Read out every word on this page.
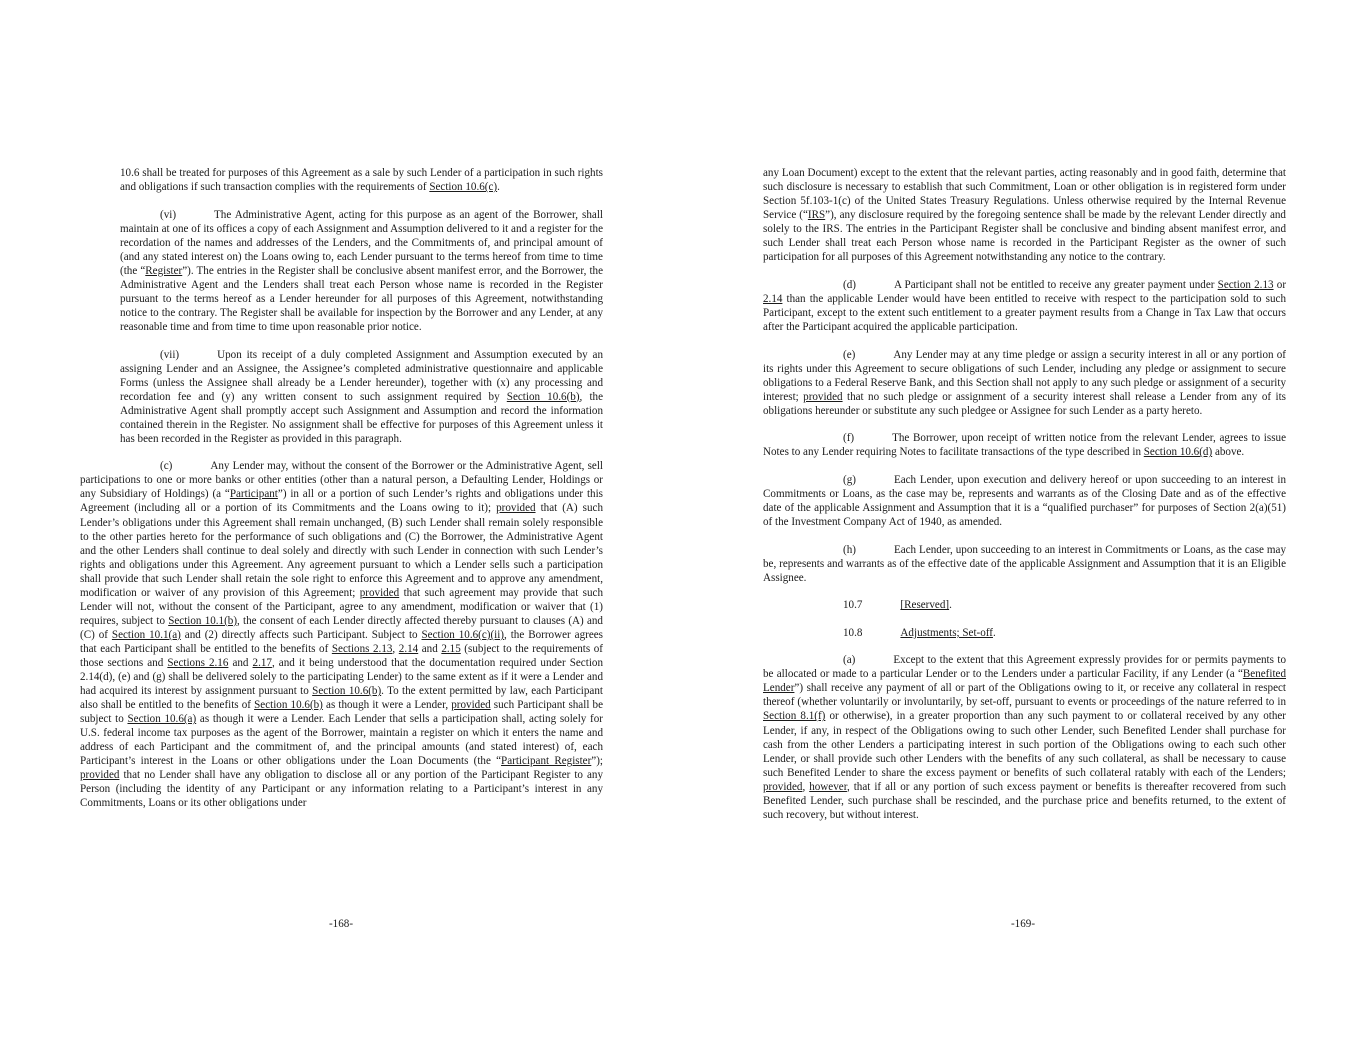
10.6 shall be treated for purposes of this Agreement as a sale by such Lender of a participation in such rights and obligations if such transaction complies with the requirements of Section 10.6(c).

(vi)	The Administrative Agent, acting for this purpose as an agent of the Borrower, shall maintain at one of its offices a copy of each Assignment and Assumption delivered to it and a register for the recordation of the names and addresses of the Lenders, and the Commitments of, and principal amount of (and any stated interest on) the Loans owing to, each Lender pursuant to the terms hereof from time to time (the “Register”). The entries in the Register shall be conclusive absent manifest error, and the Borrower, the Administrative Agent and the Lenders shall treat each Person whose name is recorded in the Register pursuant to the terms hereof as a Lender hereunder for all purposes of this Agreement, notwithstanding notice to the contrary. The Register shall be available for inspection by the Borrower and any Lender, at any reasonable time and from time to time upon reasonable prior notice.

(vii)	Upon its receipt of a duly completed Assignment and Assumption executed by an assigning Lender and an Assignee, the Assignee’s completed administrative questionnaire and applicable Forms (unless the Assignee shall already be a Lender hereunder), together with (x) any processing and recordation fee and (y) any written consent to such assignment required by Section 10.6(b), the Administrative Agent shall promptly accept such Assignment and Assumption and record the information contained therein in the Register. No assignment shall be effective for purposes of this Agreement unless it has been recorded in the Register as provided in this paragraph.

(c)	Any Lender may, without the consent of the Borrower or the Administrative Agent, sell participations to one or more banks or other entities (other than a natural person, a Defaulting Lender, Holdings or any Subsidiary of Holdings) (a “Participant”) in all or a portion of such Lender’s rights and obligations under this Agreement (including all or a portion of its Commitments and the Loans owing to it); provided that (A) such Lender’s obligations under this Agreement shall remain unchanged, (B) such Lender shall remain solely responsible to the other parties hereto for the performance of such obligations and (C) the Borrower, the Administrative Agent and the other Lenders shall continue to deal solely and directly with such Lender in connection with such Lender’s rights and obligations under this Agreement. Any agreement pursuant to which a Lender sells such a participation shall provide that such Lender shall retain the sole right to enforce this Agreement and to approve any amendment, modification or waiver of any provision of this Agreement; provided that such agreement may provide that such Lender will not, without the consent of the Participant, agree to any amendment, modification or waiver that (1) requires, subject to Section 10.1(b), the consent of each Lender directly affected thereby pursuant to clauses (A) and (C) of Section 10.1(a) and (2) directly affects such Participant. Subject to Section 10.6(c)(ii), the Borrower agrees that each Participant shall be entitled to the benefits of Sections 2.13, 2.14 and 2.15 (subject to the requirements of those sections and Sections 2.16 and 2.17, and it being understood that the documentation required under Section 2.14(d), (e) and (g) shall be delivered solely to the participating Lender) to the same extent as if it were a Lender and had acquired its interest by assignment pursuant to Section 10.6(b). To the extent permitted by law, each Participant also shall be entitled to the benefits of Section 10.6(b) as though it were a Lender, provided such Participant shall be subject to Section 10.6(a) as though it were a Lender. Each Lender that sells a participation shall, acting solely for U.S. federal income tax purposes as the agent of the Borrower, maintain a register on which it enters the name and address of each Participant and the commitment of, and the principal amounts (and stated interest) of, each Participant’s interest in the Loans or other obligations under the Loan Documents (the “Participant Register”); provided that no Lender shall have any obligation to disclose all or any portion of the Participant Register to any Person (including the identity of any Participant or any information relating to a Participant’s interest in any Commitments, Loans or its other obligations under

-168-

any Loan Document) except to the extent that the relevant parties, acting reasonably and in good faith, determine that such disclosure is necessary to establish that such Commitment, Loan or other obligation is in registered form under Section 5f.103-1(c) of the United States Treasury Regulations. Unless otherwise required by the Internal Revenue Service (“IRS”), any disclosure required by the foregoing sentence shall be made by the relevant Lender directly and solely to the IRS. The entries in the Participant Register shall be conclusive and binding absent manifest error, and such Lender shall treat each Person whose name is recorded in the Participant Register as the owner of such participation for all purposes of this Agreement notwithstanding any notice to the contrary.

(d)	A Participant shall not be entitled to receive any greater payment under Section 2.13 or 2.14 than the applicable Lender would have been entitled to receive with respect to the participation sold to such Participant, except to the extent such entitlement to a greater payment results from a Change in Tax Law that occurs after the Participant acquired the applicable participation.

(e)	Any Lender may at any time pledge or assign a security interest in all or any portion of its rights under this Agreement to secure obligations of such Lender, including any pledge or assignment to secure obligations to a Federal Reserve Bank, and this Section shall not apply to any such pledge or assignment of a security interest; provided that no such pledge or assignment of a security interest shall release a Lender from any of its obligations hereunder or substitute any such pledgee or Assignee for such Lender as a party hereto.

(f)	The Borrower, upon receipt of written notice from the relevant Lender, agrees to issue Notes to any Lender requiring Notes to facilitate transactions of the type described in Section 10.6(d) above.

(g)	Each Lender, upon execution and delivery hereof or upon succeeding to an interest in Commitments or Loans, as the case may be, represents and warrants as of the Closing Date and as of the effective date of the applicable Assignment and Assumption that it is a “qualified purchaser” for purposes of Section 2(a)(51) of the Investment Company Act of 1940, as amended.

(h)	Each Lender, upon succeeding to an interest in Commitments or Loans, as the case may be, represents and warrants as of the effective date of the applicable Assignment and Assumption that it is an Eligible Assignee.

10.7	[Reserved].

10.8	Adjustments; Set-off.

(a)	Except to the extent that this Agreement expressly provides for or permits payments to be allocated or made to a particular Lender or to the Lenders under a particular Facility, if any Lender (a “Benefited Lender”) shall receive any payment of all or part of the Obligations owing to it, or receive any collateral in respect thereof (whether voluntarily or involuntarily, by set-off, pursuant to events or proceedings of the nature referred to in Section 8.1(f) or otherwise), in a greater proportion than any such payment to or collateral received by any other Lender, if any, in respect of the Obligations owing to such other Lender, such Benefited Lender shall purchase for cash from the other Lenders a participating interest in such portion of the Obligations owing to each such other Lender, or shall provide such other Lenders with the benefits of any such collateral, as shall be necessary to cause such Benefited Lender to share the excess payment or benefits of such collateral ratably with each of the Lenders; provided, however, that if all or any portion of such excess payment or benefits is thereafter recovered from such Benefited Lender, such purchase shall be rescinded, and the purchase price and benefits returned, to the extent of such recovery, but without interest.

-169-
